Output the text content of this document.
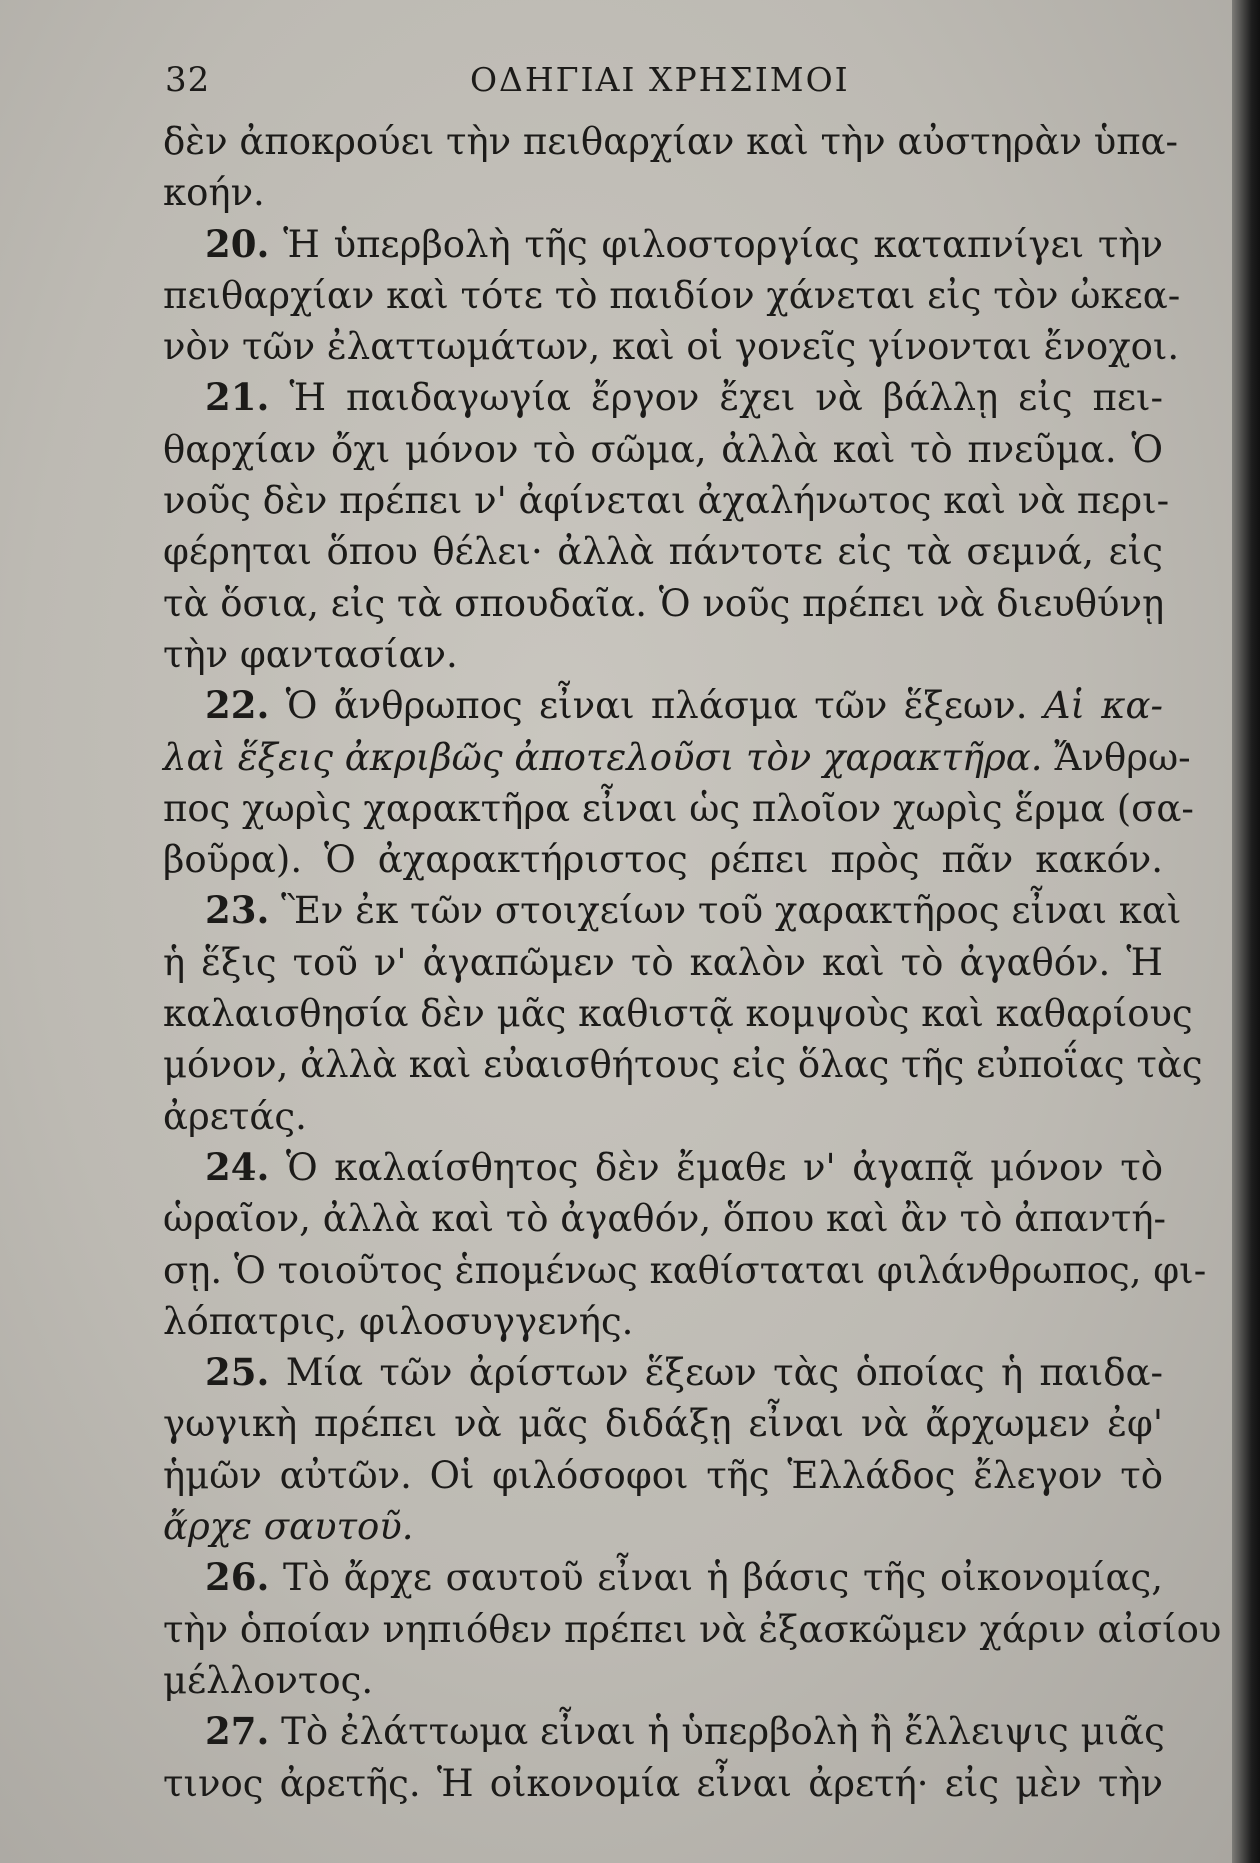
32	ΟΔΗΓΙΑΙ ΧΡΗΣΙΜΟΙ
δὲν ἀποκρούει τὴν πειθαρχίαν καὶ τὴν αὐστηρὰν ὑπα-
κοήν.
20. Ἡ ὑπερβολὴ τῆς φιλοστοργίας καταπνίγει τὴν
πειθαρχίαν καὶ τότε τὸ παιδίον χάνεται εἰς τὸν ὠκεα-
νὸν τῶν ἐλαττωμάτων, καὶ οἱ γονεῖς γίνονται ἔνοχοι.
21. Ἡ παιδαγωγία ἔργον ἔχει νὰ βάλλῃ εἰς πει-
θαρχίαν ὄχι μόνον τὸ σῶμα, ἀλλὰ καὶ τὸ πνεῦμα. Ὁ
νοῦς δὲν πρέπει ν' ἀφίνεται ἀχαλήνωτος καὶ νὰ περι-
φέρηται ὅπου θέλει· ἀλλὰ πάντοτε εἰς τὰ σεμνά, εἰς
τὰ ὅσια, εἰς τὰ σπουδαῖα. Ὁ νοῦς πρέπει νὰ διευθύνῃ
τὴν φαντασίαν.
22. Ὁ ἄνθρωπος εἶναι πλάσμα τῶν ἕξεων. Αἱ κα-
λαὶ ἕξεις ἀκριβῶς ἀποτελοῦσι τὸν χαρακτῆρα. Ἄνθρω-
πος χωρὶς χαρακτῆρα εἶναι ὡς πλοῖον χωρὶς ἕρμα (σα-
βοῦρα). Ὁ ἀχαρακτήριστος ρέπει πρὸς πᾶν κακόν.
23. Ἓν ἐκ τῶν στοιχείων τοῦ χαρακτῆρος εἶναι καὶ
ἡ ἕξις τοῦ ν' ἀγαπῶμεν τὸ καλὸν καὶ τὸ ἀγαθόν. Ἡ
καλαισθησία δὲν μᾶς καθιστᾷ κομψοὺς καὶ καθαρίους
μόνον, ἀλλὰ καὶ εὐαισθήτους εἰς ὅλας τῆς εὐποΐας τὰς
ἀρετάς.
24. Ὁ καλαίσθητος δὲν ἔμαθε ν' ἀγαπᾷ μόνον τὸ
ὡραῖον, ἀλλὰ καὶ τὸ ἀγαθόν, ὅπου καὶ ἂν τὸ ἀπαντή-
σῃ. Ὁ τοιοῦτος ἑπομένως καθίσταται φιλάνθρωπος, φι-
λόπατρις, φιλοσυγγενής.
25. Μία τῶν ἀρίστων ἕξεων τὰς ὁποίας ἡ παιδα-
γωγικὴ πρέπει νὰ μᾶς διδάξῃ εἶναι νὰ ἄρχωμεν ἐφ'
ἡμῶν αὐτῶν. Οἱ φιλόσοφοι τῆς Ἑλλάδος ἔλεγον τὸ
ἄρχε σαυτοῦ.
26. Τὸ ἄρχε σαυτοῦ εἶναι ἡ βάσις τῆς οἰκονομίας,
τὴν ὁποίαν νηπιόθεν πρέπει νὰ ἐξασκῶμεν χάριν αἰσίου
μέλλοντος.
27. Τὸ ἐλάττωμα εἶναι ἡ ὑπερβολὴ ἢ ἔλλειψις μιᾶς
τινος ἀρετῆς. Ἡ οἰκονομία εἶναι ἀρετή· εἰς μὲν τὴν
